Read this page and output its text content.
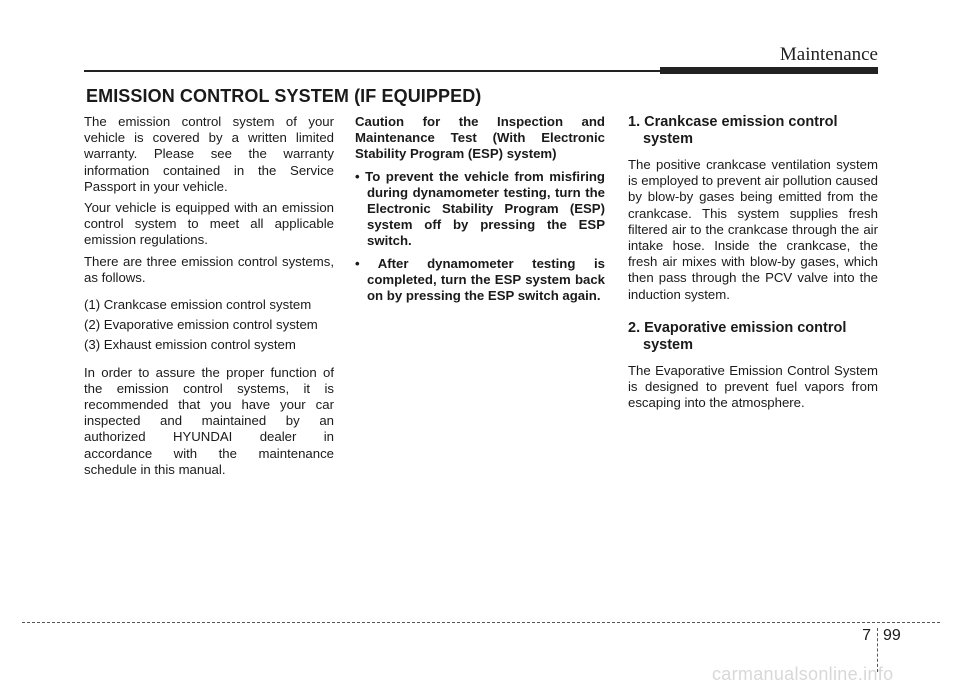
Maintenance
EMISSION CONTROL SYSTEM (IF EQUIPPED)

The emission control system of your vehicle is covered by a written limited warranty. Please see the warranty information contained in the Service Passport in your vehicle.

Your vehicle is equipped with an emission control system to meet all applicable emission regulations.

There are three emission control systems, as follows.

(1) Crankcase emission control system

(2) Evaporative emission control system

(3) Exhaust emission control system

In order to assure the proper function of the emission control systems, it is recommended that you have your car inspected and maintained by an authorized HYUNDAI dealer in accordance with the maintenance schedule in this manual.

Caution for the Inspection and Maintenance Test (With Electronic Stability Program (ESP) system)
• To prevent the vehicle from misfiring during dynamometer testing, turn the Electronic Stability Program (ESP) system off by pressing the ESP switch.
• After dynamometer testing is completed, turn the ESP system back on by pressing the ESP switch again.
1. Crankcase emission control system

The positive crankcase ventilation system is employed to prevent air pollution caused by blow-by gases being emitted from the crankcase. This system supplies fresh filtered air to the crankcase through the air intake hose. Inside the crankcase, the fresh air mixes with blow-by gases, which then pass through the PCV valve into the induction system.

2. Evaporative emission control system

The Evaporative Emission Control System is designed to prevent fuel vapors from escaping into the atmosphere.

7 99
carmanualsonline.info
